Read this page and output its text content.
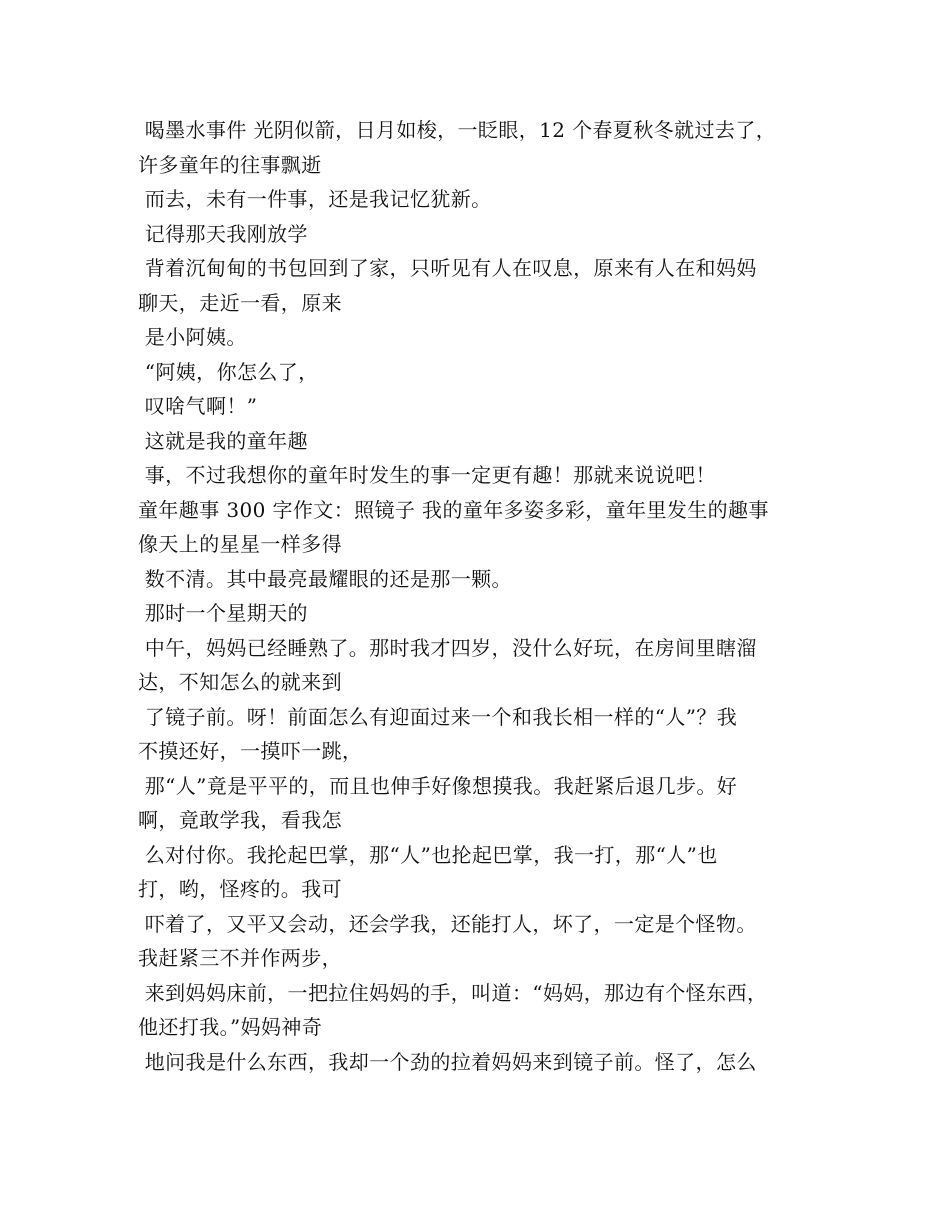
喝墨水事件 光阴似箭，日月如梭，一眨眼，12 个春夏秋冬就过去了，
许多童年的往事飘逝
而去，未有一件事，还是我记忆犹新。
记得那天我刚放学
背着沉甸甸的书包回到了家，只听见有人在叹息，原来有人在和妈妈
聊天，走近一看，原来
是小阿姨。
“阿姨，你怎么了，
叹啥气啊！”
这就是我的童年趣
事，不过我想你的童年时发生的事一定更有趣！那就来说说吧！
童年趣事 300 字作文：照镜子 我的童年多姿多彩，童年里发生的趣事
像天上的星星一样多得
数不清。其中最亮最耀眼的还是那一颗。
那时一个星期天的
中午，妈妈已经睡熟了。那时我才四岁，没什么好玩，在房间里瞎溜
达，不知怎么的就来到
了镜子前。呀！前面怎么有迎面过来一个和我长相一样的“人”？我
不摸还好，一摸吓一跳，
那“人”竟是平平的，而且也伸手好像想摸我。我赶紧后退几步。好
啊，竟敢学我，看我怎
么对付你。我抡起巴掌，那“人”也抡起巴掌，我一打，那“人”也
打，哟，怪疼的。我可
吓着了，又平又会动，还会学我，还能打人，坏了，一定是个怪物。
我赶紧三不并作两步，
来到妈妈床前，一把拉住妈妈的手，叫道：“妈妈，那边有个怪东西，
他还打我。”妈妈神奇
地问我是什么东西，我却一个劲的拉着妈妈来到镜子前。怪了，怎么
